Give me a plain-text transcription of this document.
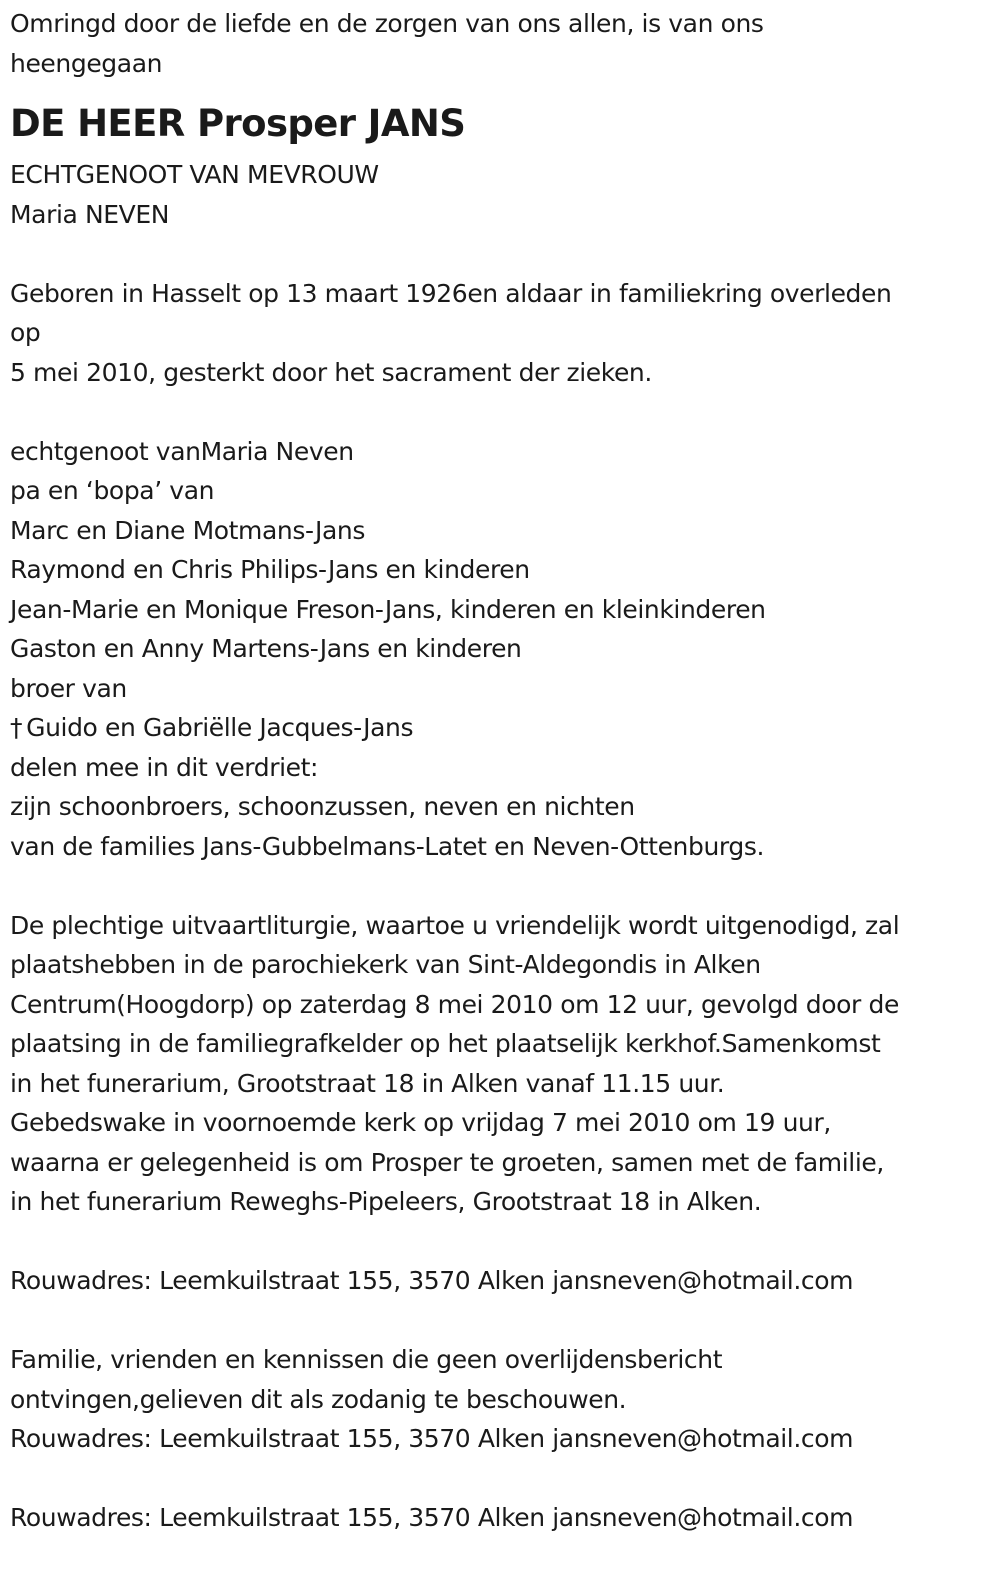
Omringd door de liefde en de zorgen van ons allen, is van ons
heengegaan
DE HEER Prosper JANS
ECHTGENOOT VAN MEVROUW
Maria NEVEN
Geboren in Hasselt op 13 maart 1926en aldaar in familiekring overleden
op
5 mei 2010, gesterkt door het sacrament der zieken.
echtgenoot vanMaria Neven
pa en ‘bopa’ van
Marc en Diane Motmans-Jans
Raymond en Chris Philips-Jans en kinderen
Jean-Marie en Monique Freson-Jans, kinderen en kleinkinderen
Gaston en Anny Martens-Jans en kinderen
broer van
† Guido en Gabriëlle Jacques-Jans
delen mee in dit verdriet:
zijn schoonbroers, schoonzussen, neven en nichten
van de families Jans-Gubbelmans-Latet en Neven-Ottenburgs.
De plechtige uitvaartliturgie, waartoe u vriendelijk wordt uitgenodigd, zal
plaatshebben in de parochiekerk van Sint-Aldegondis in Alken
Centrum(Hoogdorp) op zaterdag 8 mei 2010 om 12 uur, gevolgd door de
plaatsing in de familiegrafkelder op het plaatselijk kerkhof.Samenkomst
in het funerarium, Grootstraat 18 in Alken vanaf 11.15 uur.
Gebedswake in voornoemde kerk op vrijdag 7 mei 2010 om 19 uur,
waarna er gelegenheid is om Prosper te groeten, samen met de familie,
in het funerarium Reweghs-Pipeleers, Grootstraat 18 in Alken.
Rouwadres: Leemkuilstraat 155, 3570 Alken jansneven@hotmail.com
Familie, vrienden en kennissen die geen overlijdensbericht
ontvingen,gelieven dit als zodanig te beschouwen.
Rouwadres: Leemkuilstraat 155, 3570 Alken jansneven@hotmail.com
Rouwadres: Leemkuilstraat 155, 3570 Alken jansneven@hotmail.com
